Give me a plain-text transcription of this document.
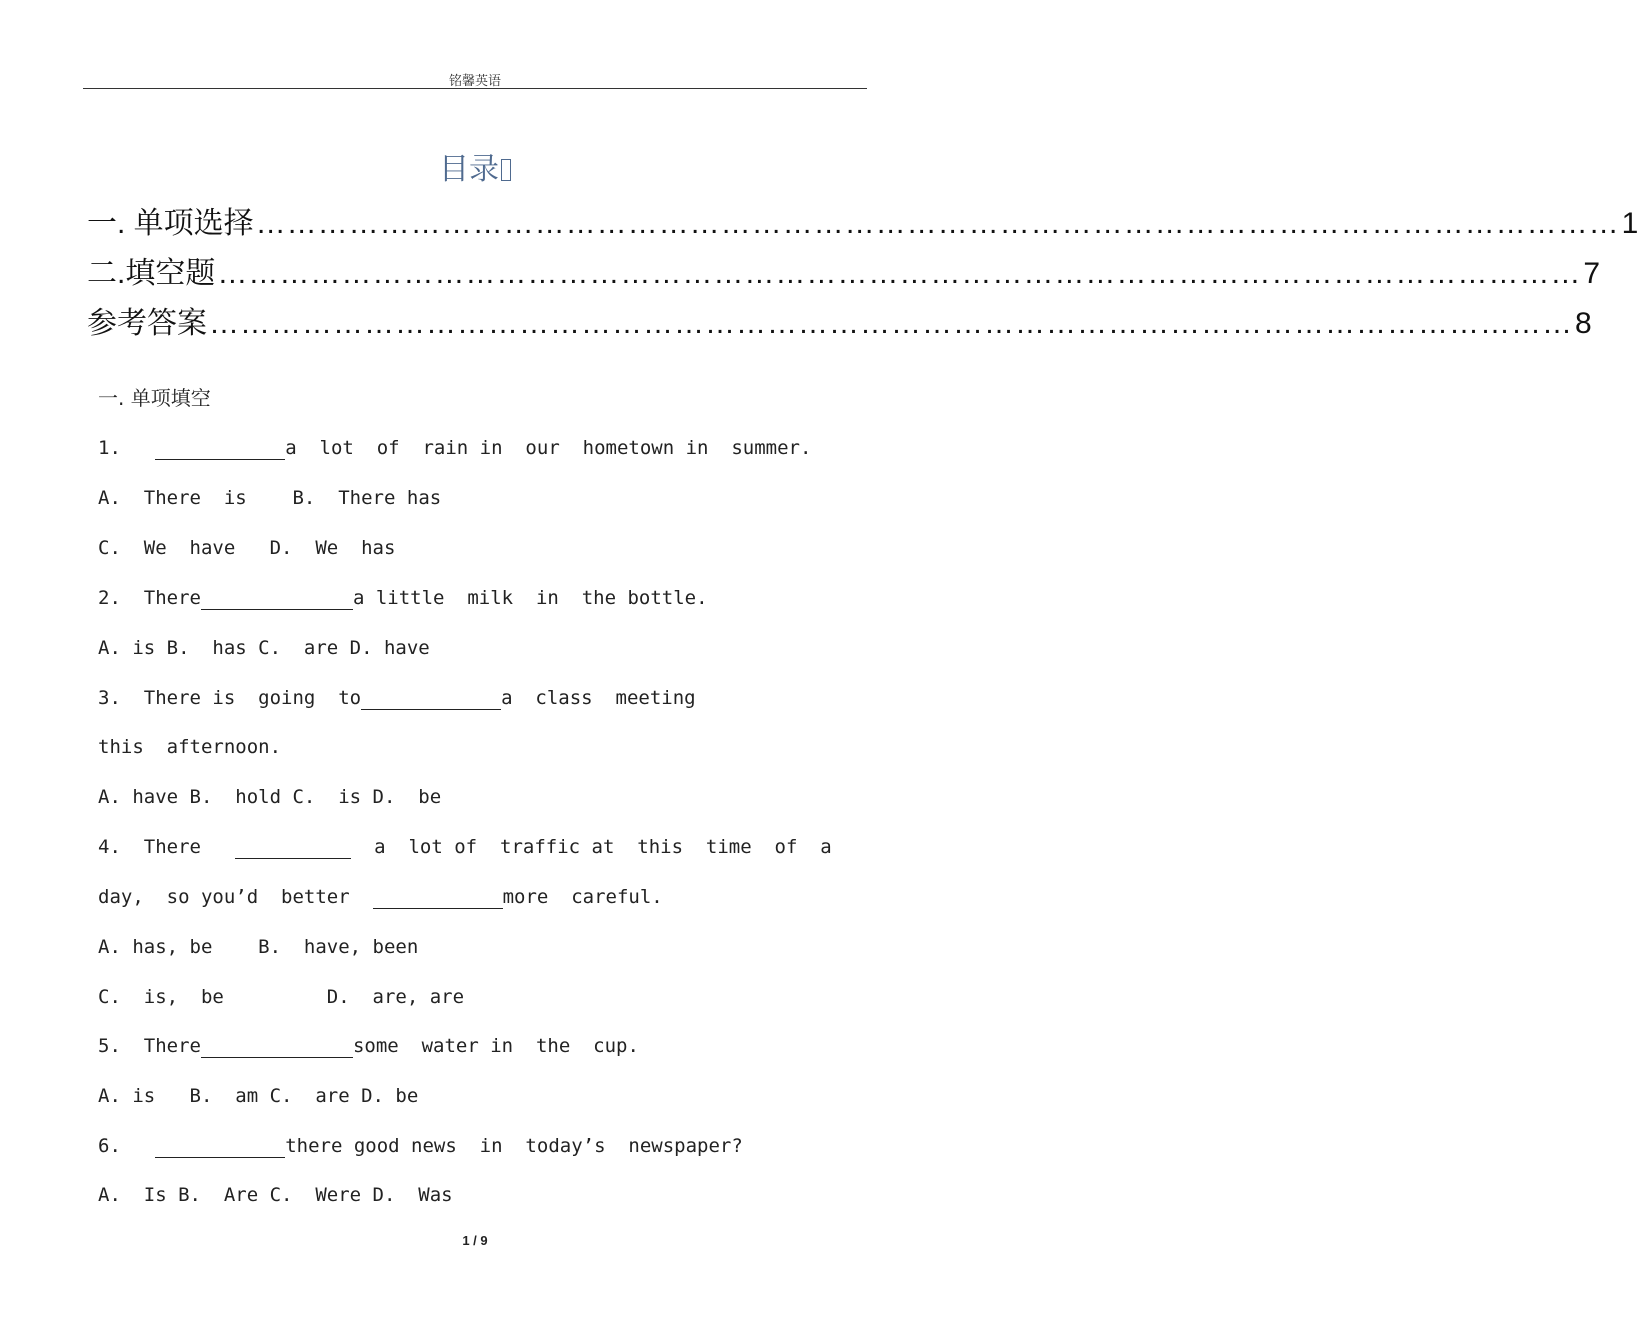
铭馨英语
目录
一. 单项选择 …………………………………………………………………………………………………………………… 1
二.填空题 …………………………………………………………………………………………………………………… 7
参考答案 …………………………………………………………………………………………………………………… 8
一. 单项填空
1.	a  lot  of  rain in  our  hometown in  summer.
A.  There  is B.  There has
C.  We  have D.  We  has
2.  There	a little  milk  in  the bottle.
A. is B.  has C.  are D. have
3.  There is  going  to	a  class  meeting
this  afternoon.
A. have B.  hold C.  is D.  be
4.  There	a  lot of  traffic at  this  time  of  a
day,  so you’d  better	more  careful.
A. has, be B.  have, been
C.  is,  be	D.  are, are
5.  There	some  water in  the  cup.
A. is   B.  am C.  are D. be
6.	there good news  in  today’s  newspaper?
A.  Is B.  Are C.  Were D.  Was
1 / 9
